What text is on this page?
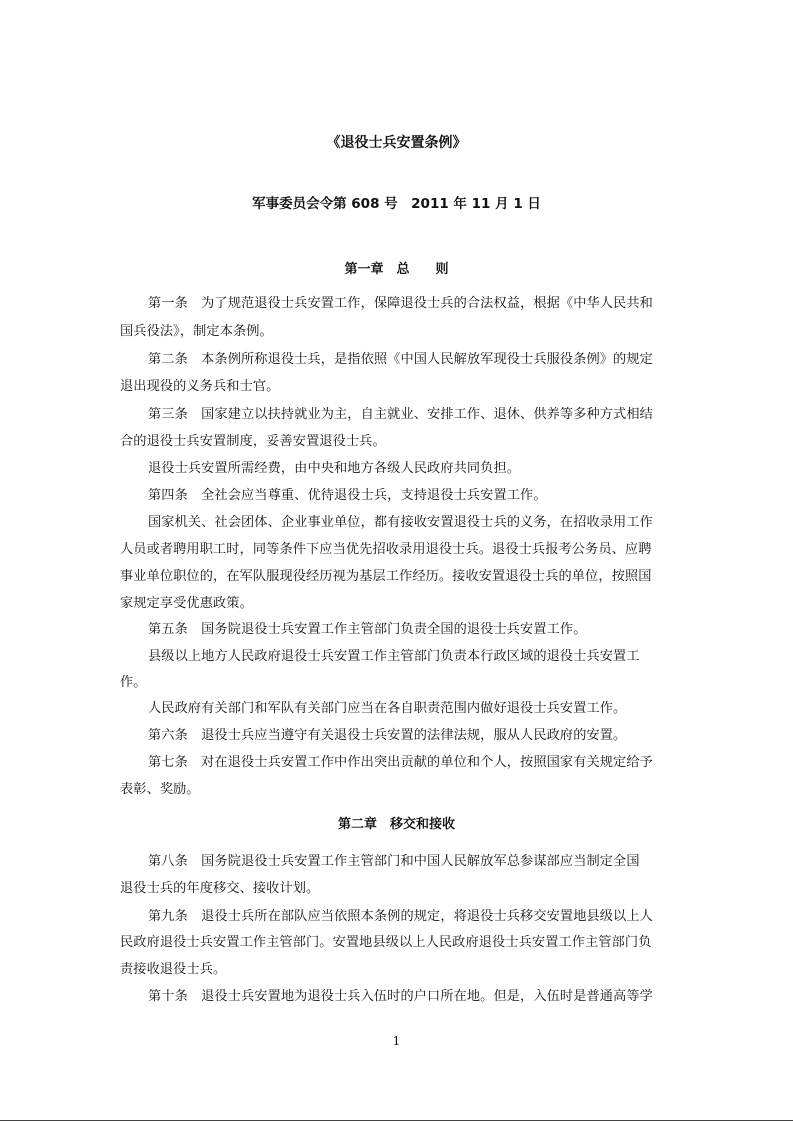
《退役士兵安置条例》
军事委员会令第 608 号　2011 年 11 月 1 日
第一章　总　　则
第一条　为了规范退役士兵安置工作，保障退役士兵的合法权益，根据《中华人民共和
国兵役法》，制定本条例。
第二条　本条例所称退役士兵，是指依照《中国人民解放军现役士兵服役条例》的规定
退出现役的义务兵和士官。
第三条　国家建立以扶持就业为主，自主就业、安排工作、退休、供养等多种方式相结
合的退役士兵安置制度，妥善安置退役士兵。
退役士兵安置所需经费，由中央和地方各级人民政府共同负担。
第四条　全社会应当尊重、优待退役士兵，支持退役士兵安置工作。
国家机关、社会团体、企业事业单位，都有接收安置退役士兵的义务，在招收录用工作
人员或者聘用职工时，同等条件下应当优先招收录用退役士兵。退役士兵报考公务员、应聘
事业单位职位的，在军队服现役经历视为基层工作经历。接收安置退役士兵的单位，按照国
家规定享受优惠政策。
第五条　国务院退役士兵安置工作主管部门负责全国的退役士兵安置工作。
县级以上地方人民政府退役士兵安置工作主管部门负责本行政区域的退役士兵安置工
作。
人民政府有关部门和军队有关部门应当在各自职责范围内做好退役士兵安置工作。
第六条　退役士兵应当遵守有关退役士兵安置的法律法规，服从人民政府的安置。
第七条　对在退役士兵安置工作中作出突出贡献的单位和个人，按照国家有关规定给予
表彰、奖励。
第二章　移交和接收
第八条　国务院退役士兵安置工作主管部门和中国人民解放军总参谋部应当制定全国
退役士兵的年度移交、接收计划。
第九条　退役士兵所在部队应当依照本条例的规定，将退役士兵移交安置地县级以上人
民政府退役士兵安置工作主管部门。安置地县级以上人民政府退役士兵安置工作主管部门负
责接收退役士兵。
第十条　退役士兵安置地为退役士兵入伍时的户口所在地。但是，入伍时是普通高等学
1
